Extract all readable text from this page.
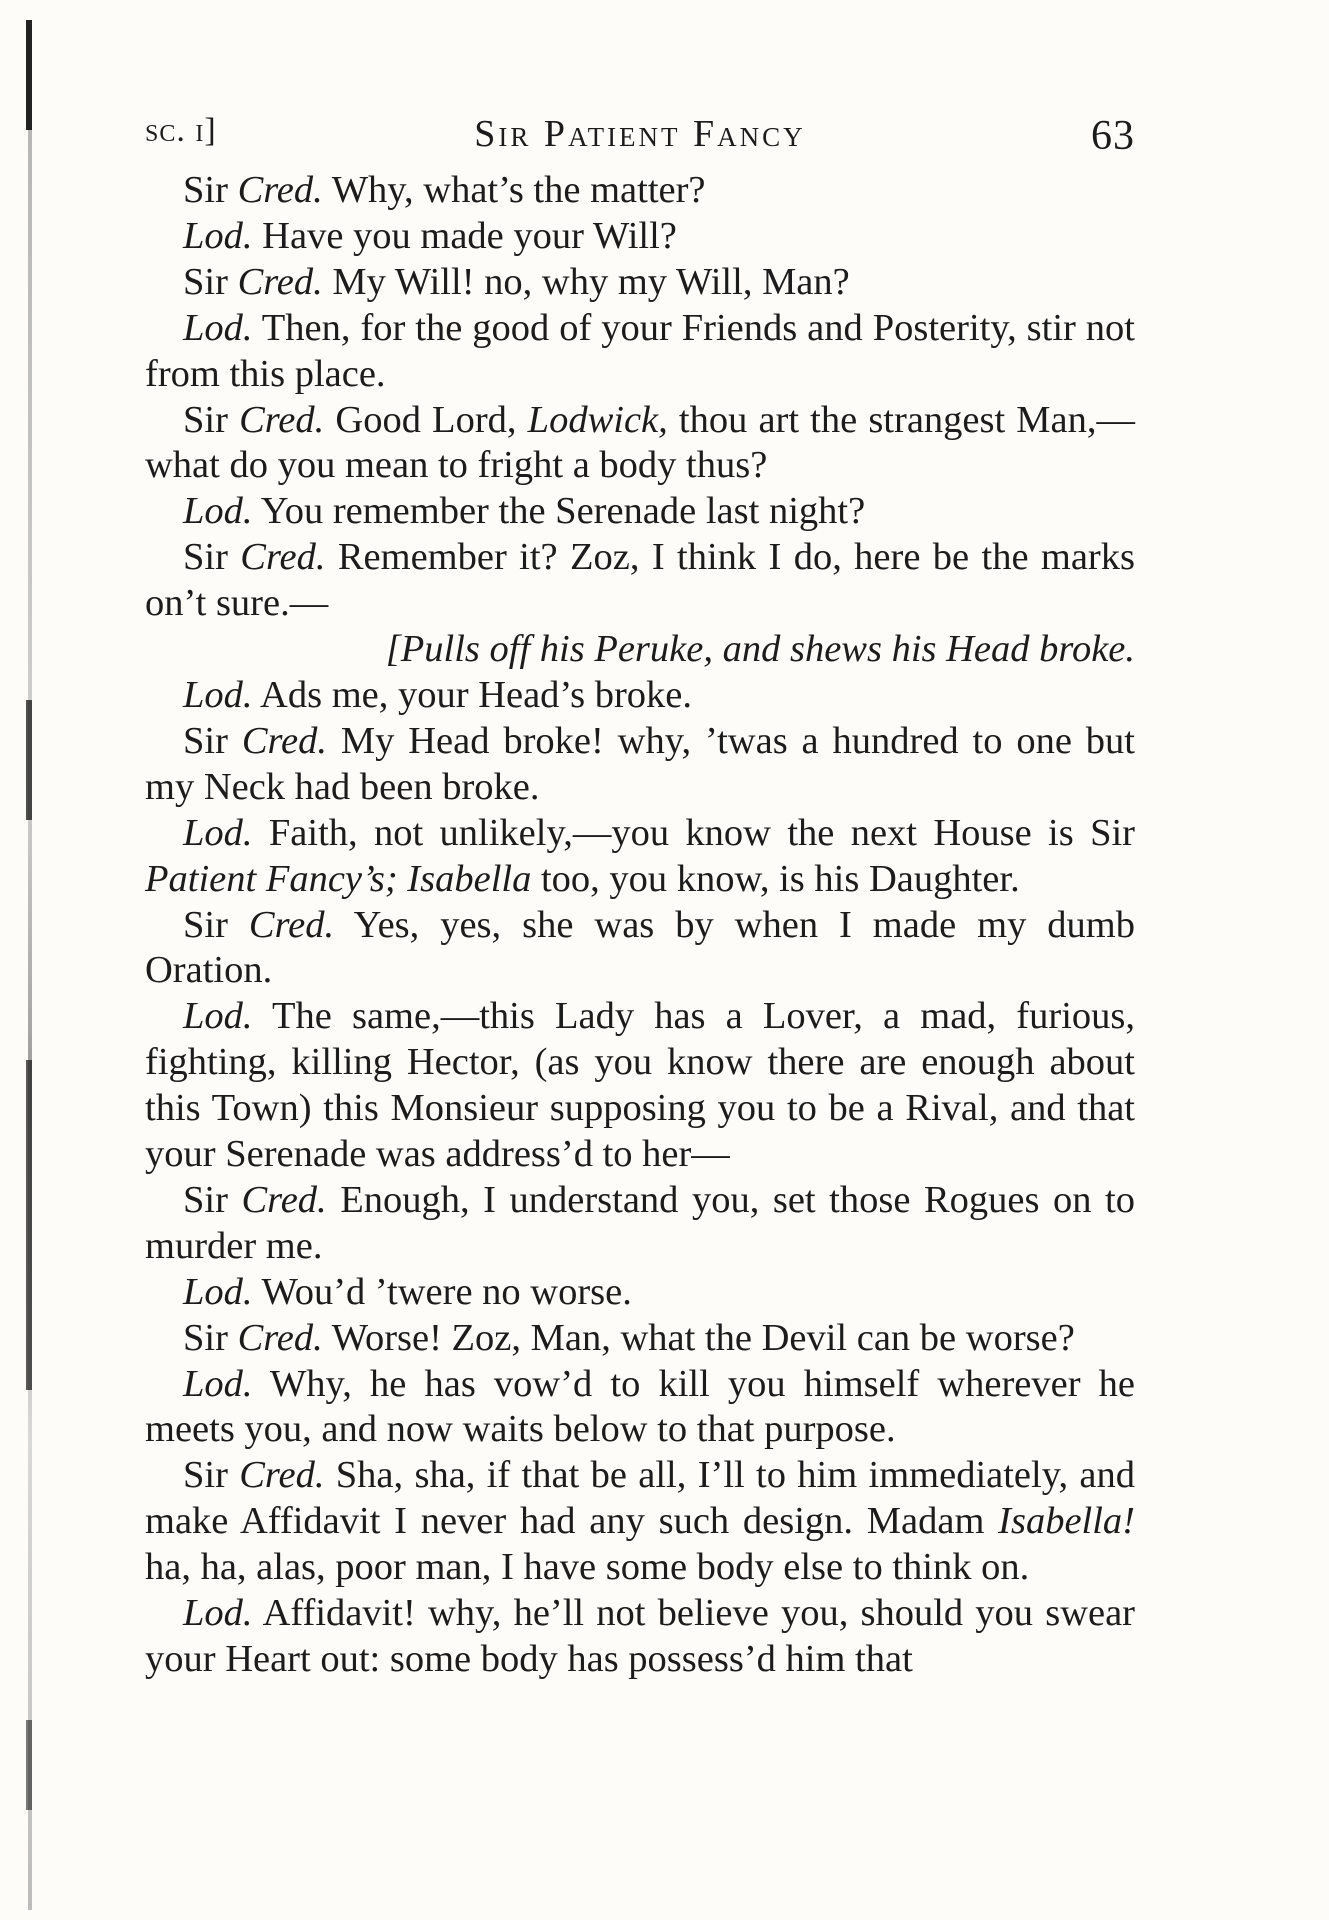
sc. i]	Sir Patient Fancy	63

Sir Cred. Why, what’s the matter?

Lod. Have you made your Will?

Sir Cred. My Will! no, why my Will, Man?

Lod. Then, for the good of your Friends and Posterity, stir not from this place.

Sir Cred. Good Lord, Lodwick, thou art the strangest Man,—what do you mean to fright a body thus?

Lod. You remember the Serenade last night?

Sir Cred. Remember it? Zoz, I think I do, here be the marks on’t sure.—

[Pulls off his Peruke, and shews his Head broke.

Lod. Ads me, your Head’s broke.

Sir Cred. My Head broke! why, ’twas a hundred to one but my Neck had been broke.

Lod. Faith, not unlikely,—you know the next House is Sir Patient Fancy’s; Isabella too, you know, is his Daughter.

Sir Cred. Yes, yes, she was by when I made my dumb Oration.

Lod. The same,—this Lady has a Lover, a mad, furious, fighting, killing Hector, (as you know there are enough about this Town) this Monsieur supposing you to be a Rival, and that your Serenade was address’d to her—

Sir Cred. Enough, I understand you, set those Rogues on to murder me.

Lod. Wou’d ’twere no worse.

Sir Cred. Worse! Zoz, Man, what the Devil can be worse?

Lod. Why, he has vow’d to kill you himself wherever he meets you, and now waits below to that purpose.

Sir Cred. Sha, sha, if that be all, I’ll to him immediately, and make Affidavit I never had any such design. Madam Isabella! ha, ha, alas, poor man, I have some body else to think on.

Lod. Affidavit! why, he’ll not believe you, should you swear your Heart out: some body has possess’d him that
